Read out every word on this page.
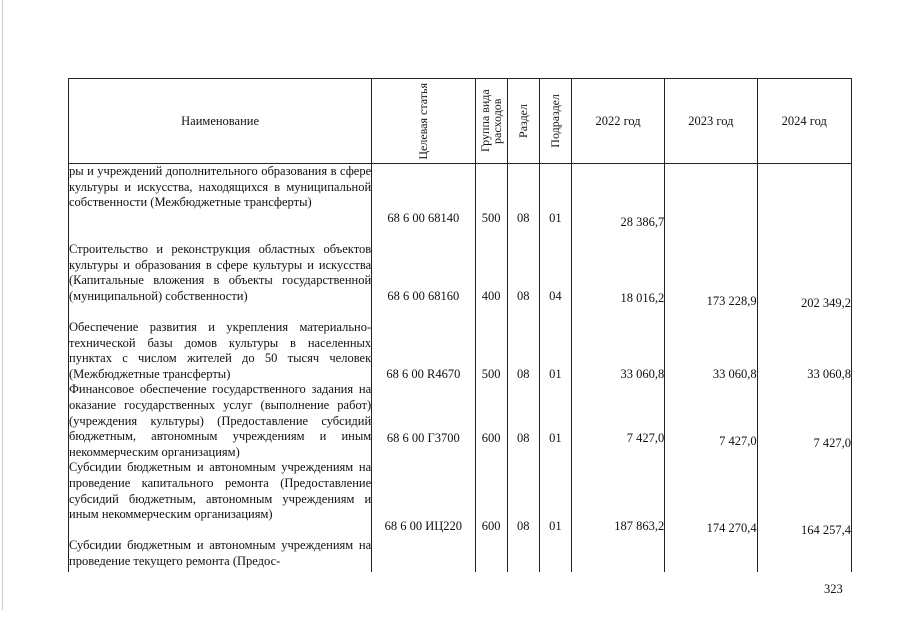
Наименование	Целевая статья	Группа вида расходов	Раздел	Подраздел	2022 год	2023 год	2024 год
ры и учреждений дополнительного образования в сфере культуры и искусства, находящихся в муниципальной собственности (Межбюджетные трансферты)	68 6 00 68140	500	08	01	28 386,7		
Строительство и реконструкция областных объектов культуры и образования в сфере культуры и искусства (Капитальные вложения в объекты государственной (муниципальной) собственности)	68 6 00 68160	400	08	04	18 016,2	173 228,9	202 349,2
Обеспечение развития и укрепления материально-технической базы домов культуры в населенных пунктах с числом жителей до 50 тысяч человек (Межбюджетные трансферты)	68 6 00 R4670	500	08	01	33 060,8	33 060,8	33 060,8
Финансовое обеспечение государственного задания на оказание государственных услуг (выполнение работ) (учреждения культуры) (Предоставление субсидий бюджетным, автономным учреждениям и иным некоммерческим организациям)	68 6 00 Г3700	600	08	01	7 427,0	7 427,0	7 427,0
Субсидии бюджетным и автономным учреждениям на проведение капитального ремонта (Предоставление субсидий бюджетным, автономным учреждениям и иным некоммерческим организациям)	68 6 00 ИЦ220	600	08	01	187 863,2	174 270,4	164 257,4
Субсидии бюджетным и автономным учреждениям на проведение текущего ремонта (Предос-							
323
